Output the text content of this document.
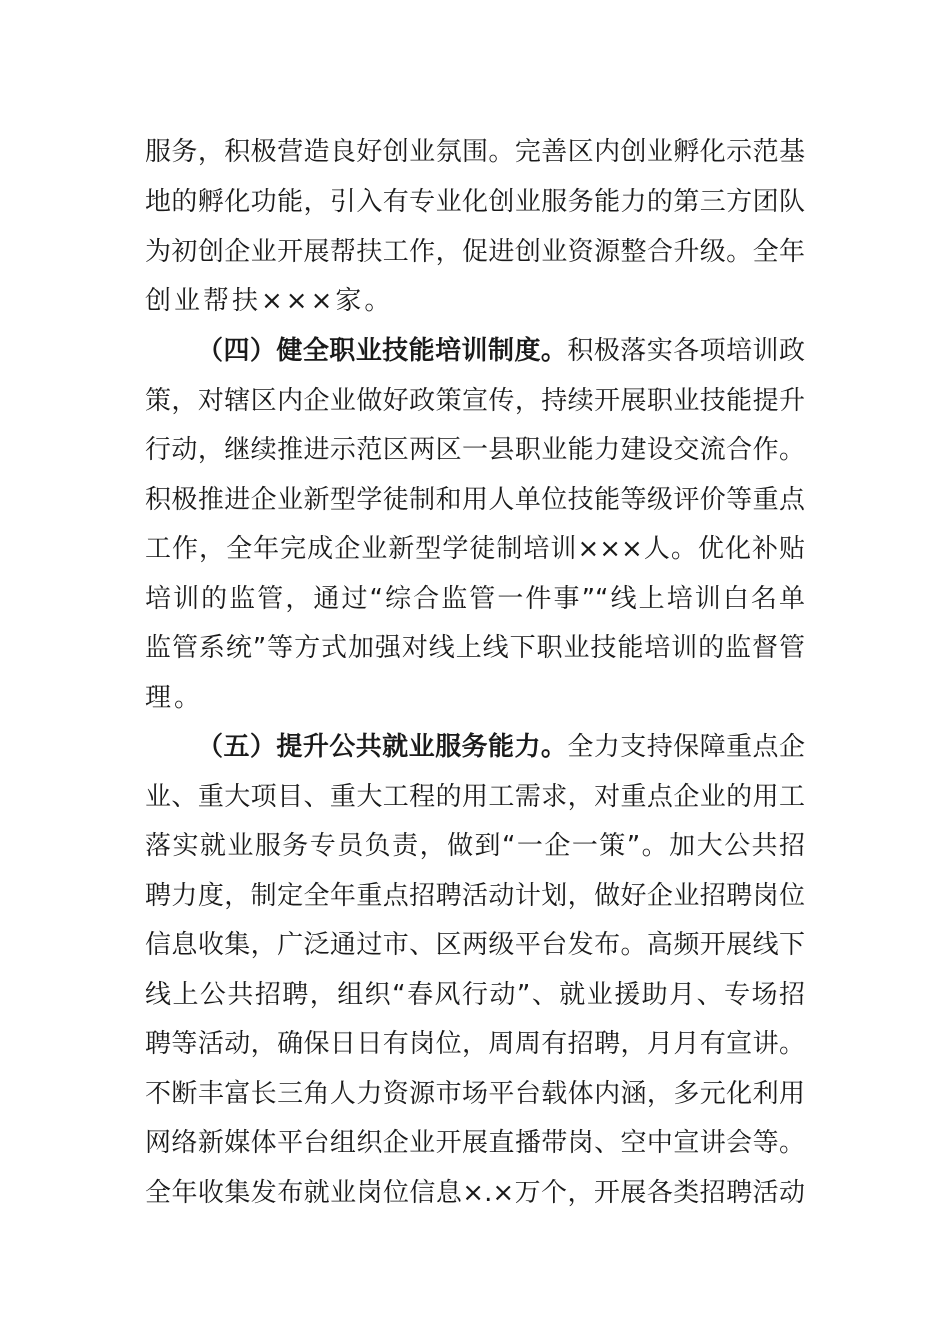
服务，积极营造良好创业氛围。完善区内创业孵化示范基
地的孵化功能，引入有专业化创业服务能力的第三方团队
为初创企业开展帮扶工作，促进创业资源整合升级。全年
创业帮扶×××家。
（四）健全职业技能培训制度。积极落实各项培训政
策，对辖区内企业做好政策宣传，持续开展职业技能提升
行动，继续推进示范区两区一县职业能力建设交流合作。
积极推进企业新型学徒制和用人单位技能等级评价等重点
工作，全年完成企业新型学徒制培训×××人。优化补贴
培训的监管，通过“综合监管一件事”“线上培训白名单
监管系统”等方式加强对线上线下职业技能培训的监督管
理。
（五）提升公共就业服务能力。全力支持保障重点企
业、重大项目、重大工程的用工需求，对重点企业的用工
落实就业服务专员负责，做到“一企一策”。加大公共招
聘力度，制定全年重点招聘活动计划，做好企业招聘岗位
信息收集，广泛通过市、区两级平台发布。高频开展线下
线上公共招聘，组织“春风行动”、就业援助月、专场招
聘等活动，确保日日有岗位，周周有招聘，月月有宣讲。
不断丰富长三角人力资源市场平台载体内涵，多元化利用
网络新媒体平台组织企业开展直播带岗、空中宣讲会等。
全年收集发布就业岗位信息×.×万个，开展各类招聘活动
